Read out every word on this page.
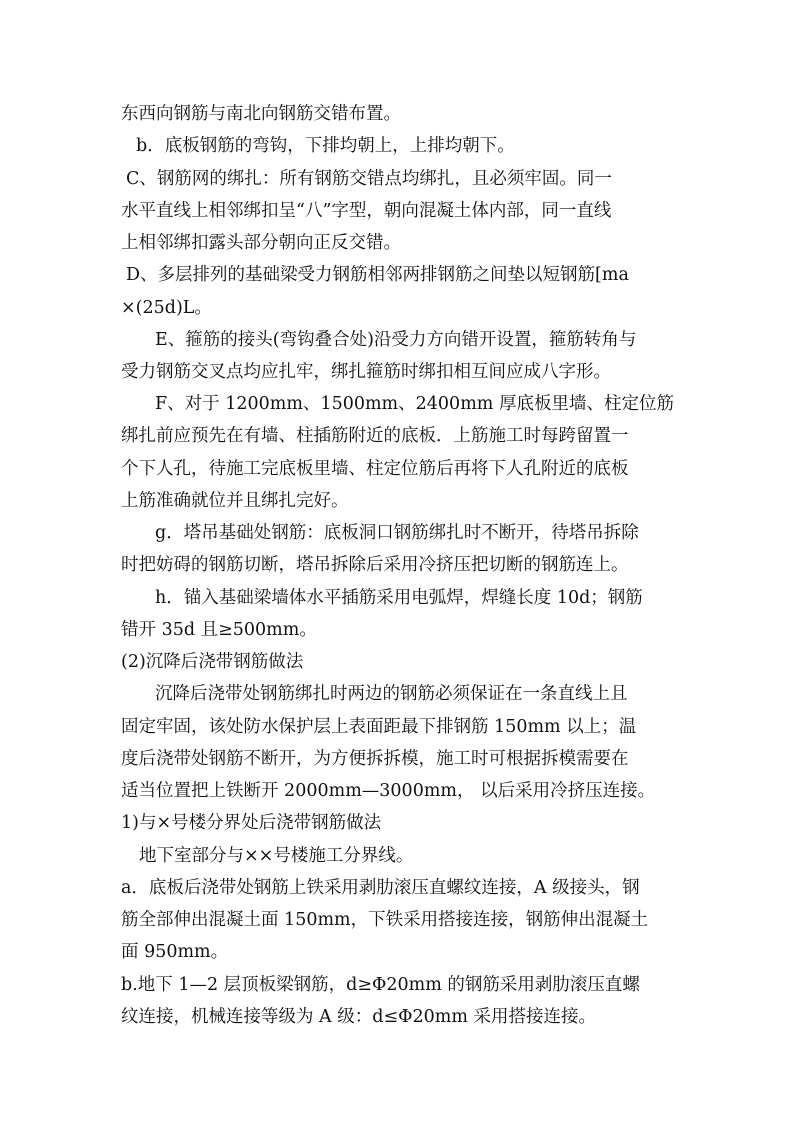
东西向钢筋与南北向钢筋交错布置。
b．底板钢筋的弯钩，下排均朝上，上排均朝下。
C、钢筋网的绑扎：所有钢筋交错点均绑扎，且必须牢固。同一
水平直线上相邻绑扣呈“八”字型，朝向混凝土体内部，同一直线
上相邻绑扣露头部分朝向正反交错。
D、多层排列的基础梁受力钢筋相邻两排钢筋之间垫以短钢筋[ma
×(25d)L。
E、箍筋的接头(弯钩叠合处)沿受力方向错开设置，箍筋转角与
受力钢筋交叉点均应扎牢，绑扎箍筋时绑扣相互间应成八字形。
F、对于 1200mm、1500mm、2400mm 厚底板里墙、柱定位筋
绑扎前应预先在有墙、柱插筋附近的底板．上筋施工时每跨留置一
个下人孔，待施工完底板里墙、柱定位筋后再将下人孔附近的底板
上筋准确就位并且绑扎完好。
g．塔吊基础处钢筋：底板洞口钢筋绑扎时不断开，待塔吊拆除
时把妨碍的钢筋切断，塔吊拆除后采用冷挤压把切断的钢筋连上。
h．锚入基础梁墙体水平插筋采用电弧焊，焊缝长度 10d；钢筋
错开 35d 且≥500mm。
(2)沉降后浇带钢筋做法
沉降后浇带处钢筋绑扎时两边的钢筋必须保证在一条直线上且
固定牢固，该处防水保护层上表面距最下排钢筋 150mm 以上；温
度后浇带处钢筋不断开，为方便拆拆模，施工时可根据拆模需要在
适当位置把上铁断开 2000mm—3000mm， 以后采用冷挤压连接。
1)与×号楼分界处后浇带钢筋做法
地下室部分与××号楼施工分界线。
a．底板后浇带处钢筋上铁采用剥肋滚压直螺纹连接，A 级接头，钢
筋全部伸出混凝土面 150mm，下铁采用搭接连接，钢筋伸出混凝土
面 950mm。
b.地下 1—2 层顶板梁钢筋，d≥Φ20mm 的钢筋采用剥肋滚压直螺
纹连接，机械连接等级为 A 级：d≤Φ20mm 采用搭接连接。
